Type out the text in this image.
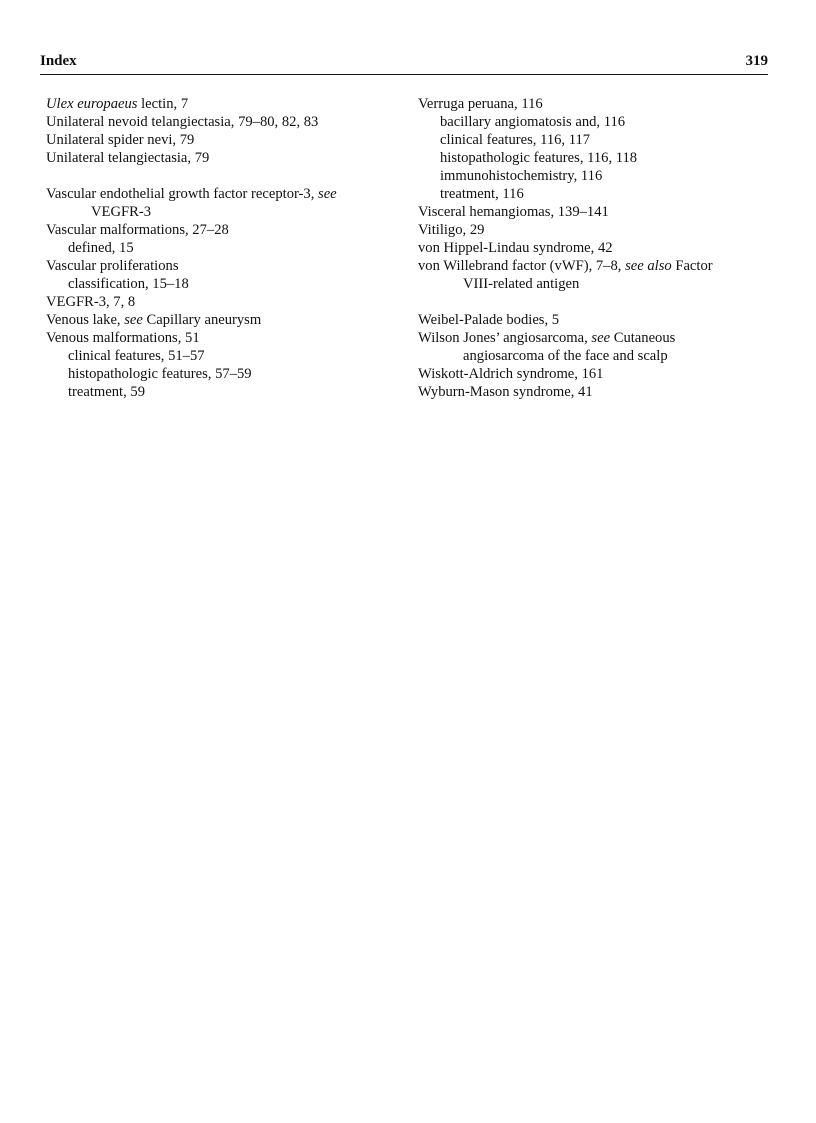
Index	319
Ulex europaeus lectin, 7
Unilateral nevoid telangiectasia, 79–80, 82, 83
Unilateral spider nevi, 79
Unilateral telangiectasia, 79
Vascular endothelial growth factor receptor-3, see
VEGFR-3
Vascular malformations, 27–28
defined, 15
Vascular proliferations
classification, 15–18
VEGFR-3, 7, 8
Venous lake, see Capillary aneurysm
Venous malformations, 51
clinical features, 51–57
histopathologic features, 57–59
treatment, 59
Verruga peruana, 116
bacillary angiomatosis and, 116
clinical features, 116, 117
histopathologic features, 116, 118
immunohistochemistry, 116
treatment, 116
Visceral hemangiomas, 139–141
Vitiligo, 29
von Hippel-Lindau syndrome, 42
von Willebrand factor (vWF), 7–8, see also Factor
VIII-related antigen
Weibel-Palade bodies, 5
Wilson Jones’ angiosarcoma, see Cutaneous
angiosarcoma of the face and scalp
Wiskott-Aldrich syndrome, 161
Wyburn-Mason syndrome, 41
